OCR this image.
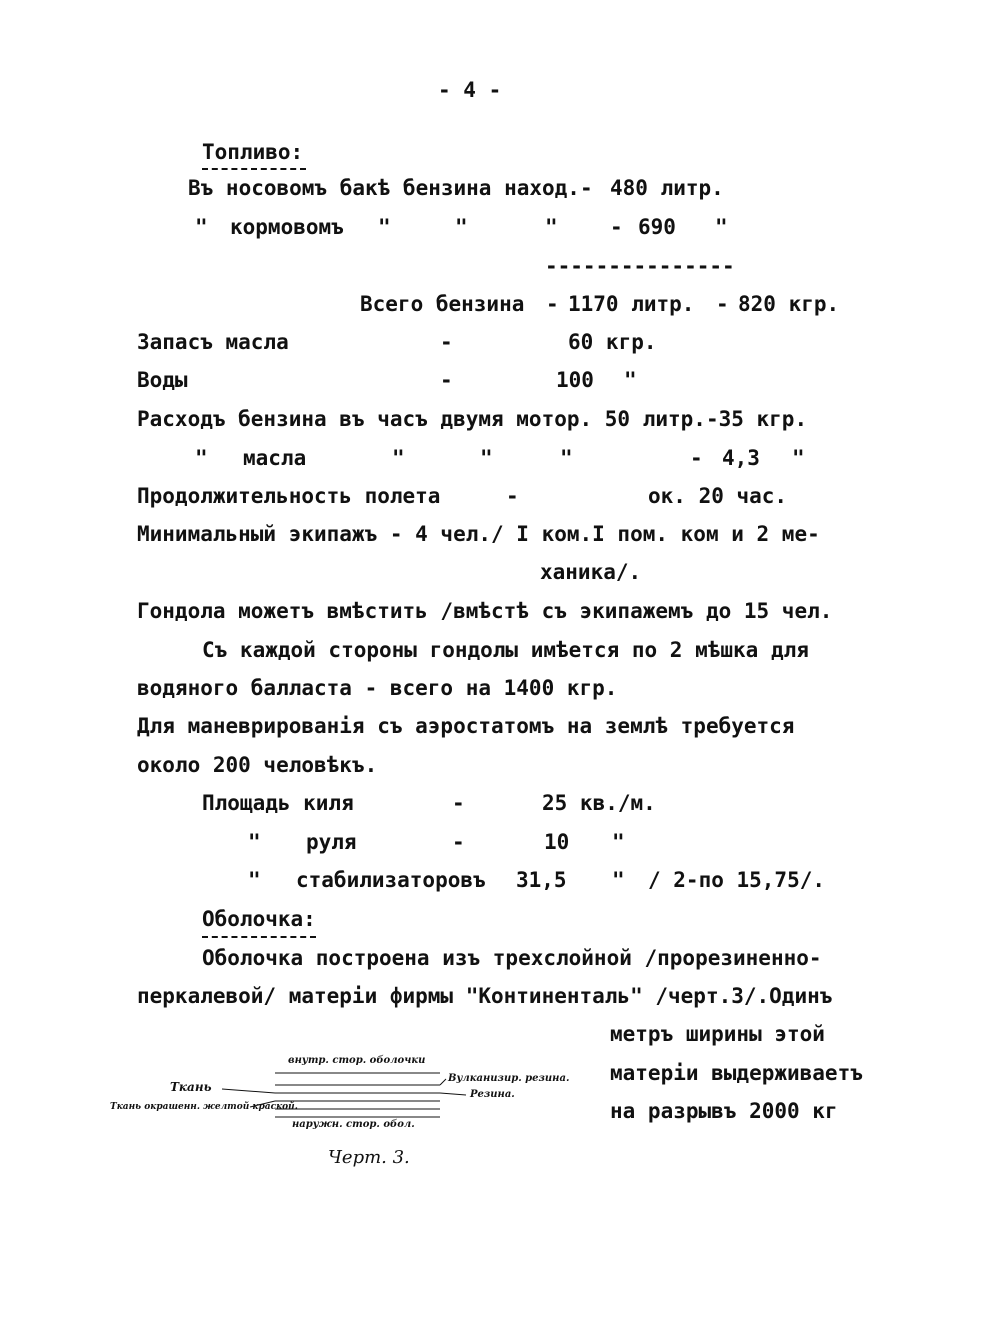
- 4 -
Топливо:
Въ носовомъ бакѣ бензина наход. - 480 литр.
" кормовомъ "	"	" - 690 "
---------------
Всего бензина - 1170 литр. - 820 кгр.
Запасъ масла	-	60 кгр.
Воды	-	100 "
Расходъ бензина въ часъ двумя мотор. 50 литр.-35 кгр.
" масла	"	"	"	- 4,3 "
Продолжительность полета	-	ок. 20 час.
Минимальный экипажъ - 4 чел./ I ком.I пом. ком и 2 ме-
ханика/.
Гондола можетъ вмѣстить /вмѣстѣ съ экипажемъ до 15 чел.
Съ каждой стороны гондолы имѣется по 2 мѣшка для
водяного балласта - всего на 1400 кгр.
Для маневрированія съ аэростатомъ на землѣ требуется
около 200 человѣкъ.
Площадь киля	-	25 кв./м.
" руля	-	10 "
" стабилизаторовъ 31,5 " / 2-по 15,75/.
Оболочка:
Оболочка построена изъ трехслойной /прорезиненно-
перкалевой/ матеріи фирмы "Континенталь" /черт.3/.Одинъ
метръ ширины этой
матеріи выдерживаетъ
на разрывъ 2000 кг
внутр. стор. оболочки
Вулканизир. резина.
Резина.
Ткань
Ткань окрашенн. желтой краской.
наружн. стор. обол.
Черт. 3.
